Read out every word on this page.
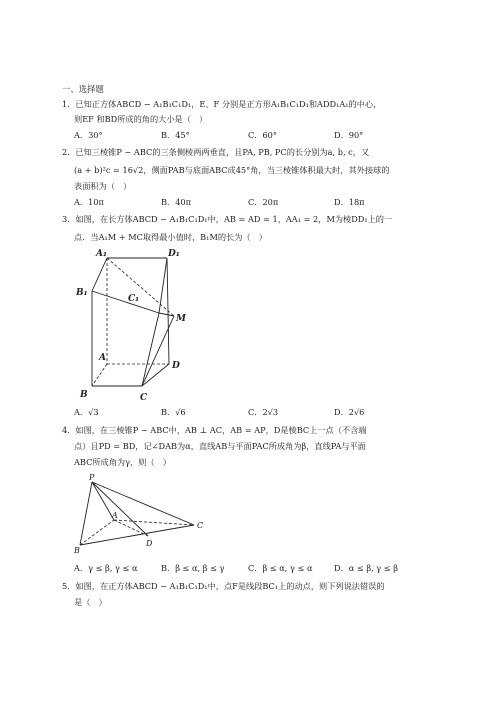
一、选择题
1．已知正方体ABCD − A₁B₁C₁D₁，E、F 分别是正方形A₁B₁C₁D₁和ADD₁A₁的中心，
则EF 和BD所成的角的大小是（　）
A．30°	B．45°	C．60°	D．90°
2．已知三棱锥P − ABC的三条侧棱两两垂直，且PA, PB, PC的长分别为a, b, c，又
(a + b)²c = 16√2，侧面PAB与底面ABC成45°角，当三棱锥体积最大时，其外接球的
表面积为（　）
A．10π	B．40π	C．20π	D．18π
3．如图，在长方体ABCD − A₁B₁C₁D₁中，AB = AD = 1，AA₁ = 2，M为棱DD₁上的一
点．当A₁M + MC取得最小值时，B₁M的长为（　）
A₁	D₁
B₁
C₁
M
A
D
B	C
A．√3	B．√6	C．2√3	D．2√6
4．如图，在三棱锥P − ABC中，AB ⊥ AC，AB = AP，D是棱BC上一点（不含端
点）且PD = BD，记∠DAB为α，直线AB与平面PAC所成角为β，直线PA与平面
ABC所成角为γ，则（　）
P
A
C
D
B
A．γ ≤ β, γ ≤ α	B．β ≤ α, β ≤ γ	C．β ≤ α, γ ≤ α	D．α ≤ β, γ ≤ β
5．如图，在正方体ABCD − A₁B₁C₁D₁中，点F是线段BC₁上的动点，则下列说法错误的
是（　）
